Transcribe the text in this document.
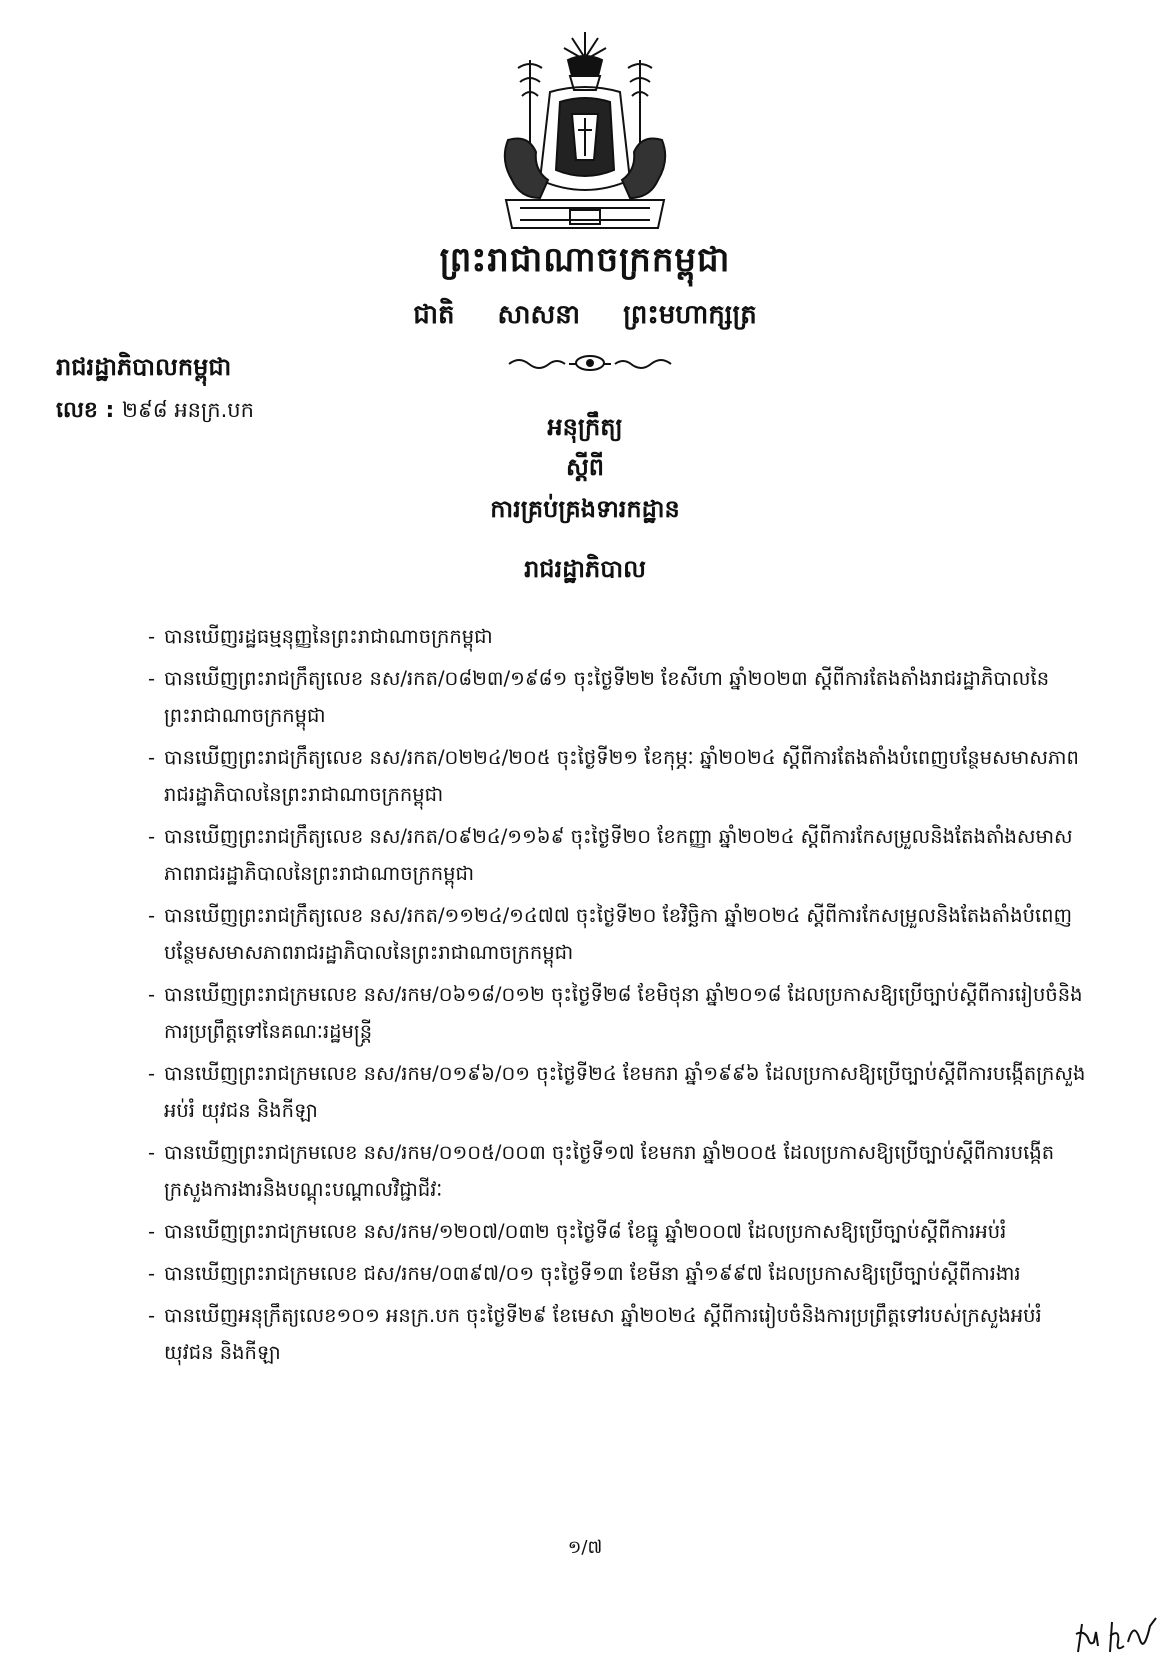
ព្រះរាជាណាចក្រកម្ពុជា
ជាតិ សាសនា ព្រះមហាក្សត្រ
រាជរដ្ឋាភិបាលកម្ពុជា
លេខ : ២៩៨ អនក្រ.បក
អនុក្រឹត្យ
ស្ដីពី
ការគ្រប់គ្រងទារកដ្ឋាន
រាជរដ្ឋាភិបាល
- បានឃើញរដ្ឋធម្មនុញ្ញនៃព្រះរាជាណាចក្រកម្ពុជា
- បានឃើញព្រះរាជក្រឹត្យលេខ នស/រកត/០៨២៣/១៩៨១ ចុះថ្ងៃទី២២ ខែសីហា ឆ្នាំ២០២៣ ស្ដីពីការតែងតាំងរាជរដ្ឋាភិបាលនៃព្រះរាជាណាចក្រកម្ពុជា
- បានឃើញព្រះរាជក្រឹត្យលេខ នស/រកត/០២២៤/២០៥ ចុះថ្ងៃទី២១ ខែកុម្ភៈ ឆ្នាំ២០២៤ ស្ដីពីការតែងតាំងបំពេញបន្ថែមសមាសភាពរាជរដ្ឋាភិបាលនៃព្រះរាជាណាចក្រកម្ពុជា
- បានឃើញព្រះរាជក្រឹត្យលេខ នស/រកត/០៩២៤/១១៦៩ ចុះថ្ងៃទី២០ ខែកញ្ញា ឆ្នាំ២០២៤ ស្ដីពីការកែសម្រួលនិងតែងតាំងសមាសភាពរាជរដ្ឋាភិបាលនៃព្រះរាជាណាចក្រកម្ពុជា
- បានឃើញព្រះរាជក្រឹត្យលេខ នស/រកត/១១២៤/១៤៧៧ ចុះថ្ងៃទី២០ ខែវិច្ឆិកា ឆ្នាំ២០២៤ ស្ដីពីការកែសម្រួលនិងតែងតាំងបំពេញបន្ថែមសមាសភាពរាជរដ្ឋាភិបាលនៃព្រះរាជាណាចក្រកម្ពុជា
- បានឃើញព្រះរាជក្រមលេខ នស/រកម/០៦១៨/០១២ ចុះថ្ងៃទី២៨ ខែមិថុនា ឆ្នាំ២០១៨ ដែលប្រកាសឱ្យប្រើច្បាប់ស្ដីពីការរៀបចំនិងការប្រព្រឹត្តទៅនៃគណៈរដ្ឋមន្ត្រី
- បានឃើញព្រះរាជក្រមលេខ នស/រកម/០១៩៦/០១ ចុះថ្ងៃទី២៤ ខែមករា ឆ្នាំ១៩៩៦ ដែលប្រកាសឱ្យប្រើច្បាប់ស្ដីពីការបង្កើតក្រសួងអប់រំ យុវជន និងកីឡា
- បានឃើញព្រះរាជក្រមលេខ នស/រកម/០១០៥/០០៣ ចុះថ្ងៃទី១៧ ខែមករា ឆ្នាំ២០០៥ ដែលប្រកាសឱ្យប្រើច្បាប់ស្ដីពីការបង្កើតក្រសួងការងារនិងបណ្តុះបណ្តាលវិជ្ជាជីវៈ
- បានឃើញព្រះរាជក្រមលេខ នស/រកម/១២០៧/០៣២ ចុះថ្ងៃទី៨ ខែធ្នូ ឆ្នាំ២០០៧ ដែលប្រកាសឱ្យប្រើច្បាប់ស្ដីពីការអប់រំ
- បានឃើញព្រះរាជក្រមលេខ ជស/រកម/០៣៩៧/០១ ចុះថ្ងៃទី១៣ ខែមីនា ឆ្នាំ១៩៩៧ ដែលប្រកាសឱ្យប្រើច្បាប់ស្ដីពីការងារ
- បានឃើញអនុក្រឹត្យលេខ១០១ អនក្រ.បក ចុះថ្ងៃទី២៩ ខែមេសា ឆ្នាំ២០២៤ ស្ដីពីការរៀបចំនិងការប្រព្រឹត្តទៅរបស់ក្រសួងអប់រំ យុវជន និងកីឡា
១/៧
